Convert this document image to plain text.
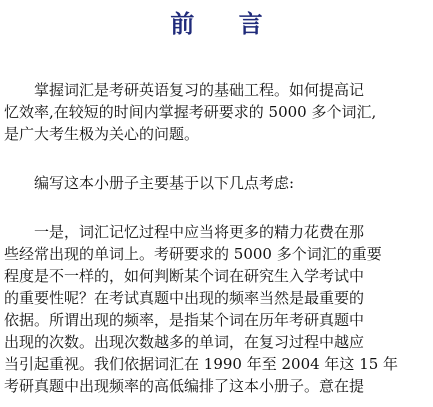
前 言

　　掌握词汇是考研英语复习的基础工程。如何提高记
忆效率,在较短的时间内掌握考研要求的 5000 多个词汇,
是广大考生极为关心的问题。

　　编写这本小册子主要基于以下几点考虑:

　　一是，词汇记忆过程中应当将更多的精力花费在那
些经常出现的单词上。考研要求的 5000 多个词汇的重要
程度是不一样的，如何判断某个词在研究生入学考试中
的重要性呢？在考试真题中出现的频率当然是最重要的
依据。所谓出现的频率，是指某个词在历年考研真题中
出现的次数。出现次数越多的单词，在复习过程中越应
当引起重视。我们依据词汇在 1990 年至 2004 年这 15 年
考研真题中出现频率的高低编排了这本小册子。意在提
